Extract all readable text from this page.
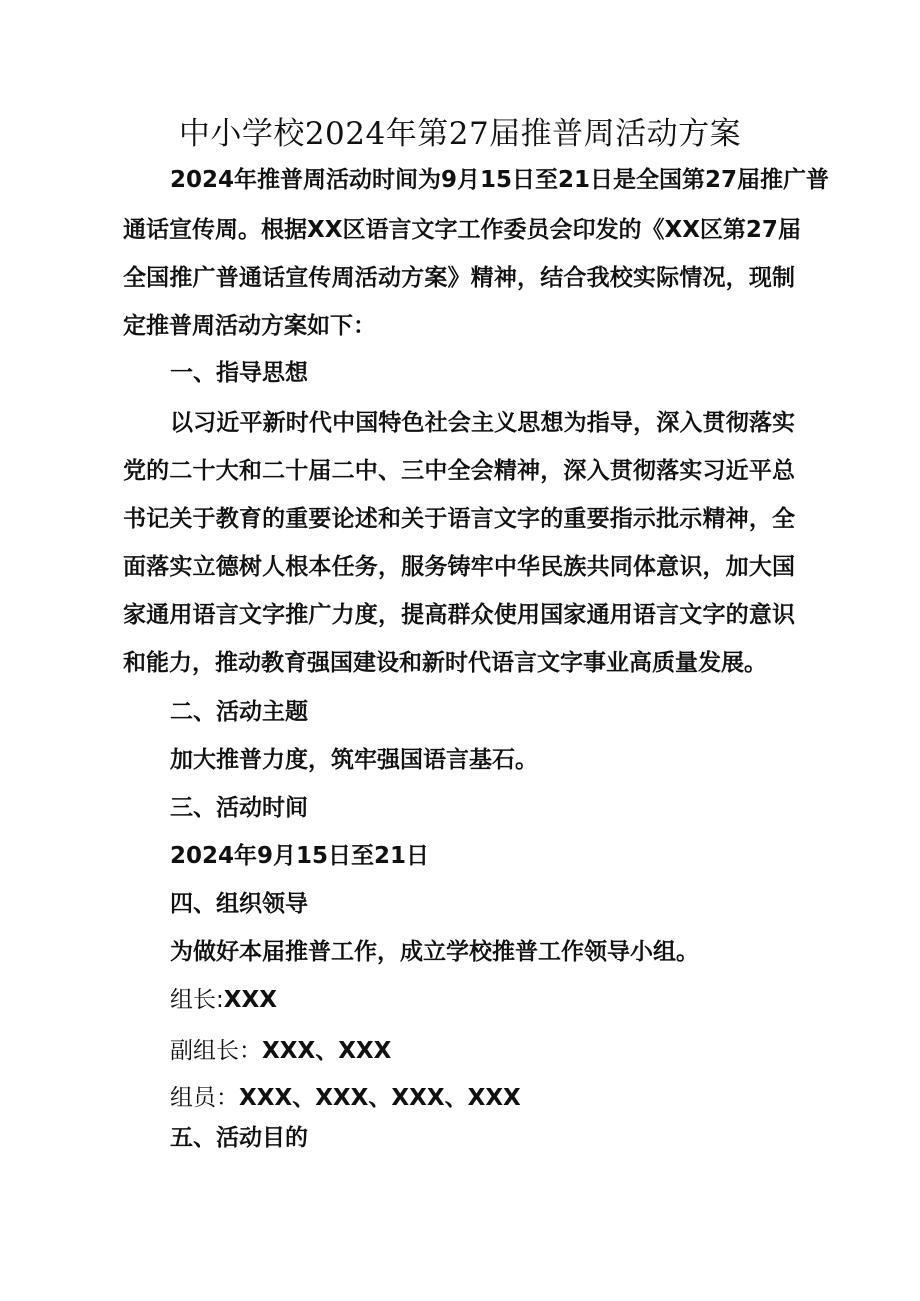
中小学校2024年第27届推普周活动方案
2024年推普周活动时间为9月15日至21日是全国第27届推广普
通话宣传周。根据XX区语言文字工作委员会印发的《XX区第27届
全国推广普通话宣传周活动方案》精神，结合我校实际情况，现制
定推普周活动方案如下：
一、指导思想
以习近平新时代中国特色社会主义思想为指导，深入贯彻落实
党的二十大和二十届二中、三中全会精神，深入贯彻落实习近平总
书记关于教育的重要论述和关于语言文字的重要指示批示精神，全
面落实立德树人根本任务，服务铸牢中华民族共同体意识，加大国
家通用语言文字推广力度，提高群众使用国家通用语言文字的意识
和能力，推动教育强国建设和新时代语言文字事业高质量发展。
二、活动主题
加大推普力度，筑牢强国语言基石。
三、活动时间
2024年9月15日至21日
四、组织领导
为做好本届推普工作，成立学校推普工作领导小组。
组长:XXX
副组长：XXX、XXX
组员：XXX、XXX、XXX、XXX
五、活动目的
